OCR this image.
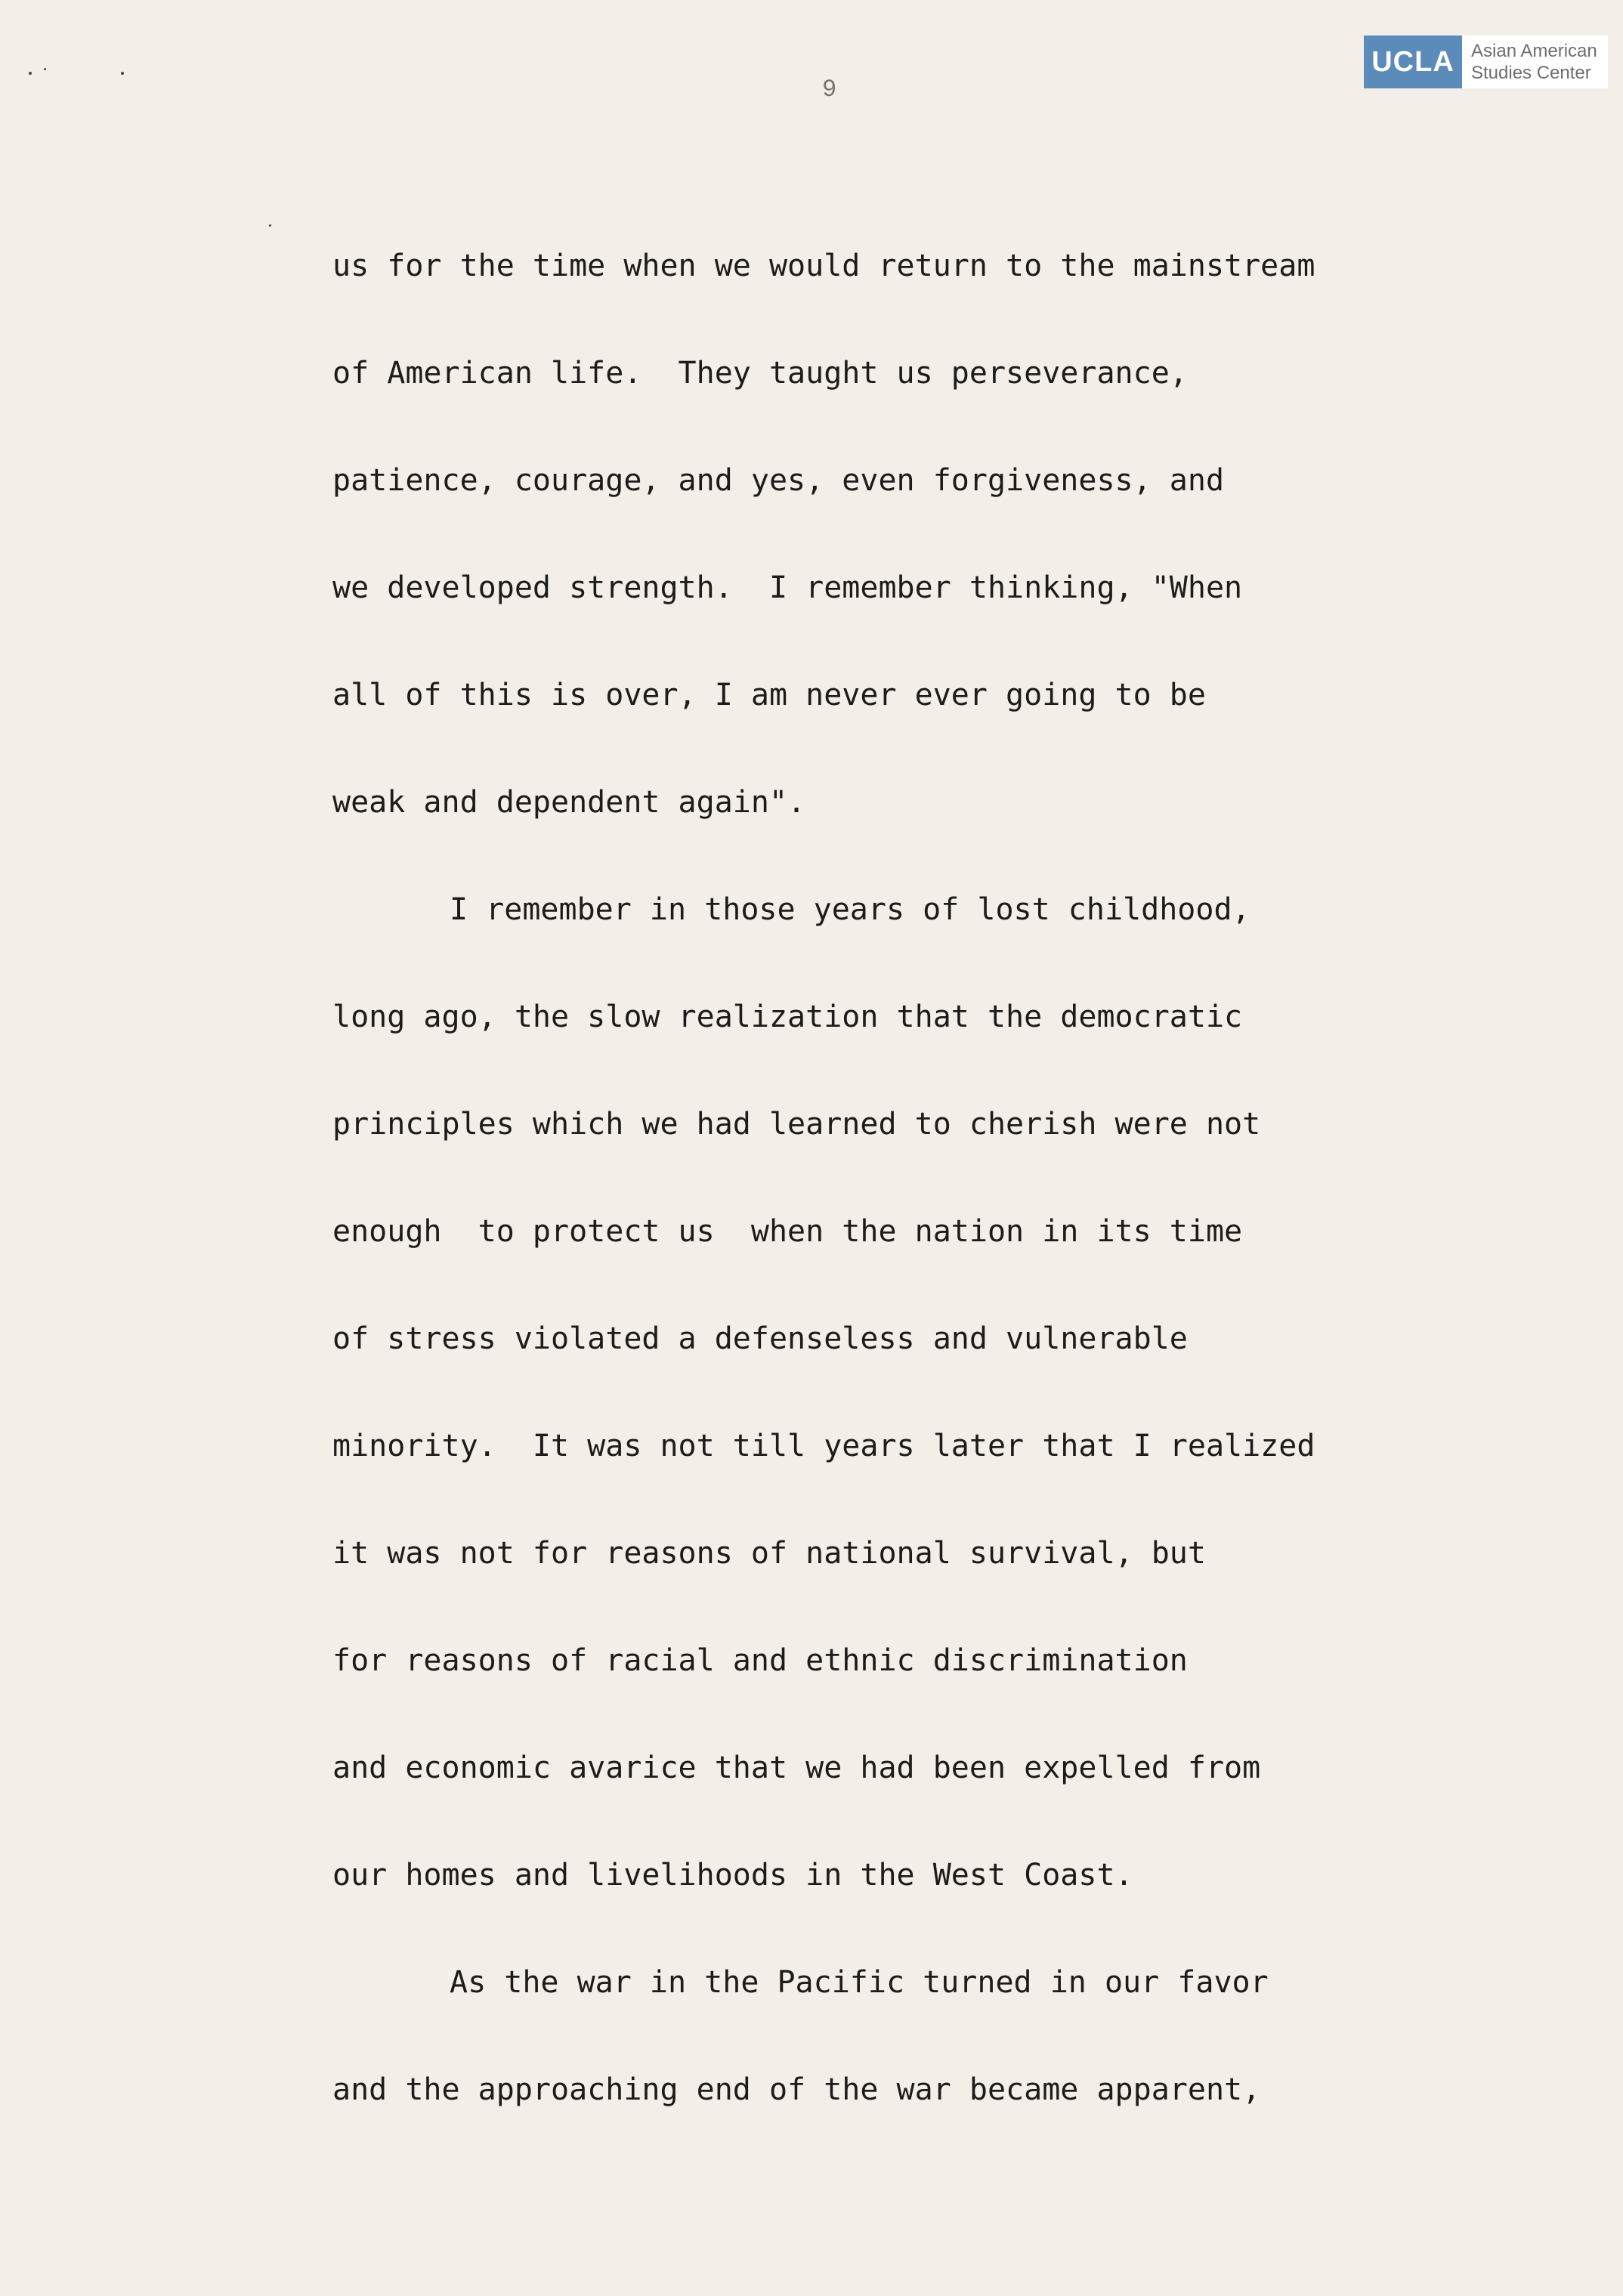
9
UCLA Asian American
Studies Center
us for the time when we would return to the mainstream
of American life.  They taught us perseverance,
patience, courage, and yes, even forgiveness, and
we developed strength.  I remember thinking, "When
all of this is over, I am never ever going to be
weak and dependent again".
I remember in those years of lost childhood,
long ago, the slow realization that the democratic
principles which we had learned to cherish were not
enough  to protect us  when the nation in its time
of stress violated a defenseless and vulnerable
minority.  It was not till years later that I realized
it was not for reasons of national survival, but
for reasons of racial and ethnic discrimination
and economic avarice that we had been expelled from
our homes and livelihoods in the West Coast.
As the war in the Pacific turned in our favor
and the approaching end of the war became apparent,
